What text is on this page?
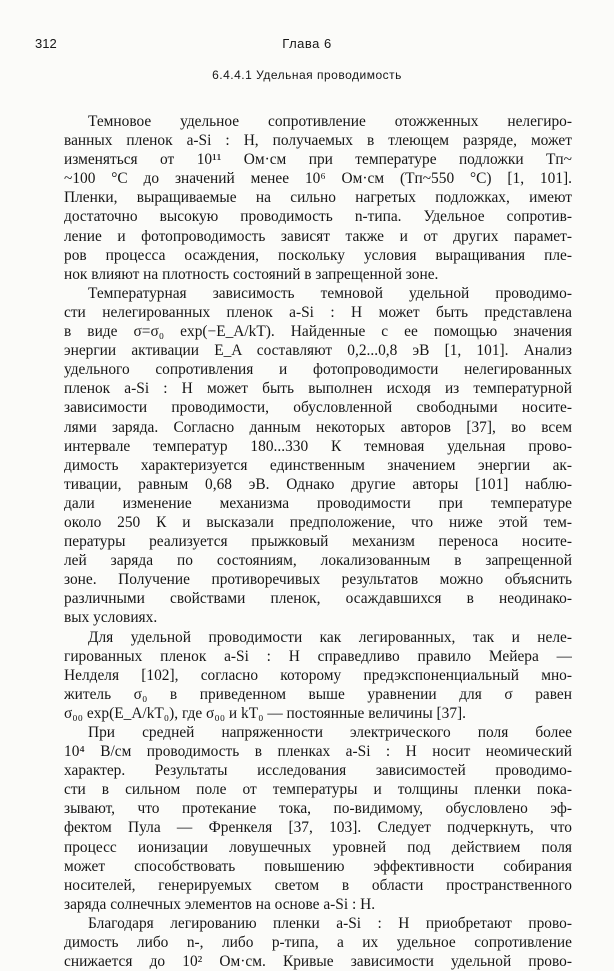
312	Глава 6
6.4.4.1 Удельная проводимость
Темновое удельное сопротивление отожженных нелегиро-
ванных пленок a-Si : H, получаемых в тлеющем разряде, может
изменяться от 10¹¹ Ом·см при температуре подложки Tп~
~100 °C до значений менее 10⁶ Ом·см (Tп~550 °C) [1, 101].
Пленки, выращиваемые на сильно нагретых подложках, имеют
достаточно высокую проводимость n-типа. Удельное сопротив-
ление и фотопроводимость зависят также и от других парамет-
ров процесса осаждения, поскольку условия выращивания пле-
нок влияют на плотность состояний в запрещенной зоне.
Температурная зависимость темновой удельной проводимо-
сти нелегированных пленок a-Si : H может быть представлена
в виде σ=σ₀ exp(−E_A/kT). Найденные с ее помощью значения
энергии активации E_A составляют 0,2...0,8 эВ [1, 101]. Анализ
удельного сопротивления и фотопроводимости нелегированных
пленок a-Si : H может быть выполнен исходя из температурной
зависимости проводимости, обусловленной свободными носите-
лями заряда. Согласно данным некоторых авторов [37], во всем
интервале температур 180...330 К темновая удельная прово-
димость характеризуется единственным значением энергии ак-
тивации, равным 0,68 эВ. Однако другие авторы [101] наблю-
дали изменение механизма проводимости при температуре
около 250 К и высказали предположение, что ниже этой тем-
пературы реализуется прыжковый механизм переноса носите-
лей заряда по состояниям, локализованным в запрещенной
зоне. Получение противоречивых результатов можно объяснить
различными свойствами пленок, осаждавшихся в неодинако-
вых условиях.
Для удельной проводимости как легированных, так и нелe-
гированных пленок a-Si : H справедливо правило Мейера —
Нелделя [102], согласно которому предэкспоненциальный мно-
житель σ₀ в приведенном выше уравнении для σ равен
σ₀₀ exp(E_A/kT₀), где σ₀₀ и kT₀ — постоянные величины [37].
При средней напряженности электрического поля более
10⁴ В/см проводимость в пленках a-Si : H носит неомический
характер. Результаты исследования зависимостей проводимо-
сти в сильном поле от температуры и толщины пленки пока-
зывают, что протекание тока, по-видимому, обусловлено эф-
фектом Пула — Френкеля [37, 103]. Следует подчеркнуть, что
процесс ионизации ловушечных уровней под действием поля
может способствовать повышению эффективности собирания
носителей, генерируемых светом в области пространственного
заряда солнечных элементов на основе a-Si : H.
Благодаря легированию пленки a-Si : H приобретают прово-
димость либо n-, либо p-типа, а их удельное сопротивление
снижается до 10² Ом·см. Кривые зависимости удельной прово-
